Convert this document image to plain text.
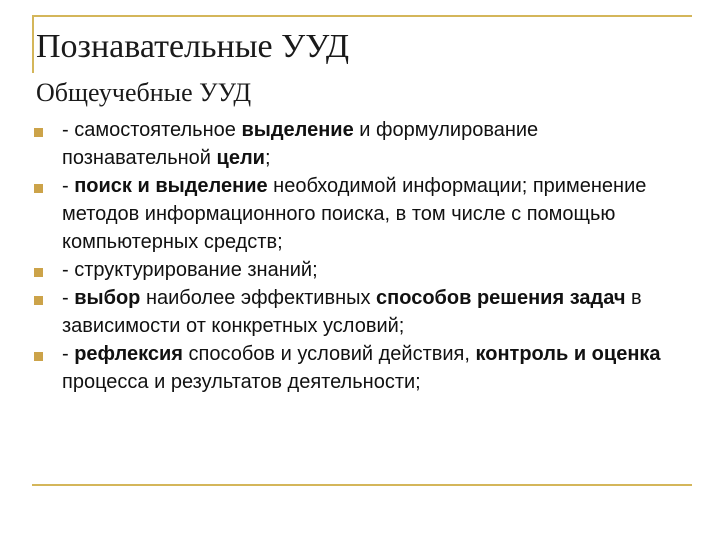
Познавательные УУД
Общеучебные УУД
- самостоятельное выделение и формулирование познавательной цели;
- поиск и выделение необходимой информации; применение методов информационного поиска, в том числе с помощью компьютерных средств;
- структурирование знаний;
- выбор наиболее эффективных способов решения задач в зависимости от конкретных условий;
- рефлексия способов и условий действия, контроль и оценка процесса и результатов деятельности;
